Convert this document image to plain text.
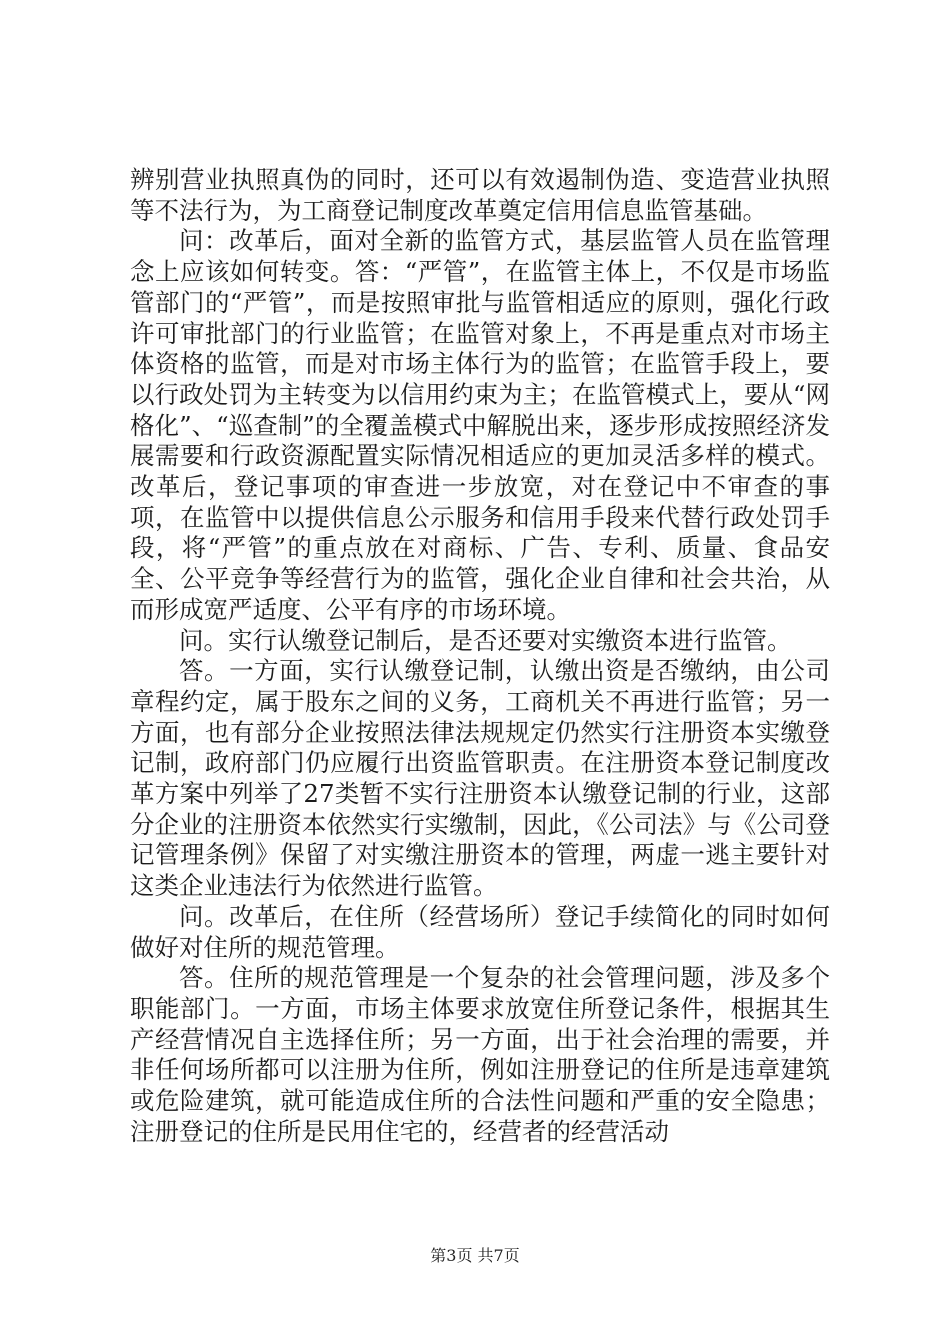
辨别营业执照真伪的同时，还可以有效遏制伪造、变造营业执照等不法行为，为工商登记制度改革奠定信用信息监管基础。

问：改革后，面对全新的监管方式，基层监管人员在监管理念上应该如何转变。答：“严管”，在监管主体上，不仅是市场监管部门的“严管”，而是按照审批与监管相适应的原则，强化行政许可审批部门的行业监管；在监管对象上，不再是重点对市场主体资格的监管，而是对市场主体行为的监管；在监管手段上，要以行政处罚为主转变为以信用约束为主；在监管模式上，要从“网格化”、“巡查制”的全覆盖模式中解脱出来，逐步形成按照经济发展需要和行政资源配置实际情况相适应的更加灵活多样的模式。改革后，登记事项的审查进一步放宽，对在登记中不审查的事项，在监管中以提供信息公示服务和信用手段来代替行政处罚手段，将“严管”的重点放在对商标、广告、专利、质量、食品安全、公平竞争等经营行为的监管，强化企业自律和社会共治，从而形成宽严适度、公平有序的市场环境。

问。实行认缴登记制后，是否还要对实缴资本进行监管。

答。一方面，实行认缴登记制，认缴出资是否缴纳，由公司章程约定，属于股东之间的义务，工商机关不再进行监管；另一方面，也有部分企业按照法律法规规定仍然实行注册资本实缴登记制，政府部门仍应履行出资监管职责。在注册资本登记制度改革方案中列举了27类暂不实行注册资本认缴登记制的行业，这部分企业的注册资本依然实行实缴制，因此，《公司法》与《公司登记管理条例》保留了对实缴注册资本的管理，两虚一逃主要针对这类企业违法行为依然进行监管。

问。改革后，在住所（经营场所）登记手续简化的同时如何做好对住所的规范管理。

答。住所的规范管理是一个复杂的社会管理问题，涉及多个职能部门。一方面，市场主体要求放宽住所登记条件，根据其生产经营情况自主选择住所；另一方面，出于社会治理的需要，并非任何场所都可以注册为住所，例如注册登记的住所是违章建筑或危险建筑，就可能造成住所的合法性问题和严重的安全隐患；注册登记的住所是民用住宅的，经营者的经营活动

第3页 共7页
